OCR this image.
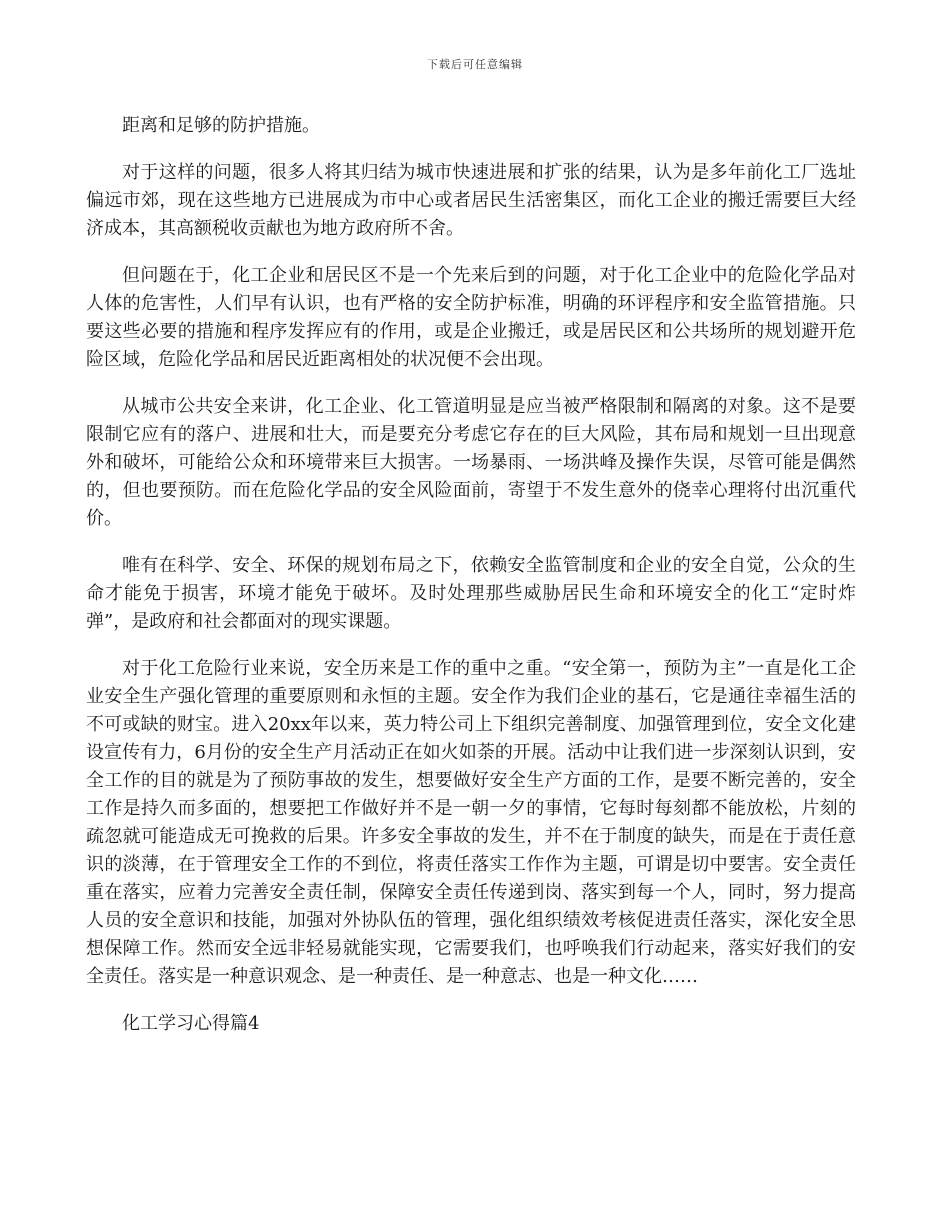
下载后可任意编辑

距离和足够的防护措施。

对于这样的问题，很多人将其归结为城市快速进展和扩张的结果，认为是多年前化工厂选址偏远市郊，现在这些地方已进展成为市中心或者居民生活密集区，而化工企业的搬迁需要巨大经济成本，其高额税收贡献也为地方政府所不舍。

但问题在于，化工企业和居民区不是一个先来后到的问题，对于化工企业中的危险化学品对人体的危害性，人们早有认识，也有严格的安全防护标准，明确的环评程序和安全监管措施。只要这些必要的措施和程序发挥应有的作用，或是企业搬迁，或是居民区和公共场所的规划避开危险区域，危险化学品和居民近距离相处的状况便不会出现。

从城市公共安全来讲，化工企业、化工管道明显是应当被严格限制和隔离的对象。这不是要限制它应有的落户、进展和壮大，而是要充分考虑它存在的巨大风险，其布局和规划一旦出现意外和破坏，可能给公众和环境带来巨大损害。一场暴雨、一场洪峰及操作失误，尽管可能是偶然的，但也要预防。而在危险化学品的安全风险面前，寄望于不发生意外的侥幸心理将付出沉重代价。

唯有在科学、安全、环保的规划布局之下，依赖安全监管制度和企业的安全自觉，公众的生命才能免于损害，环境才能免于破坏。及时处理那些威胁居民生命和环境安全的化工“定时炸弹”，是政府和社会都面对的现实课题。

对于化工危险行业来说，安全历来是工作的重中之重。“安全第一，预防为主”一直是化工企业安全生产强化管理的重要原则和永恒的主题。安全作为我们企业的基石，它是通往幸福生活的不可或缺的财宝。进入20xx年以来，英力特公司上下组织完善制度、加强管理到位，安全文化建设宣传有力，6月份的安全生产月活动正在如火如荼的开展。活动中让我们进一步深刻认识到，安全工作的目的就是为了预防事故的发生，想要做好安全生产方面的工作，是要不断完善的，安全工作是持久而多面的，想要把工作做好并不是一朝一夕的事情，它每时每刻都不能放松，片刻的疏忽就可能造成无可挽救的后果。许多安全事故的发生，并不在于制度的缺失，而是在于责任意识的淡薄，在于管理安全工作的不到位，将责任落实工作作为主题，可谓是切中要害。安全责任重在落实，应着力完善安全责任制，保障安全责任传递到岗、落实到每一个人，同时，努力提高人员的安全意识和技能，加强对外协队伍的管理，强化组织绩效考核促进责任落实，深化安全思想保障工作。然而安全远非轻易就能实现，它需要我们，也呼唤我们行动起来，落实好我们的安全责任。落实是一种意识观念、是一种责任、是一种意志、也是一种文化……

化工学习心得篇4
